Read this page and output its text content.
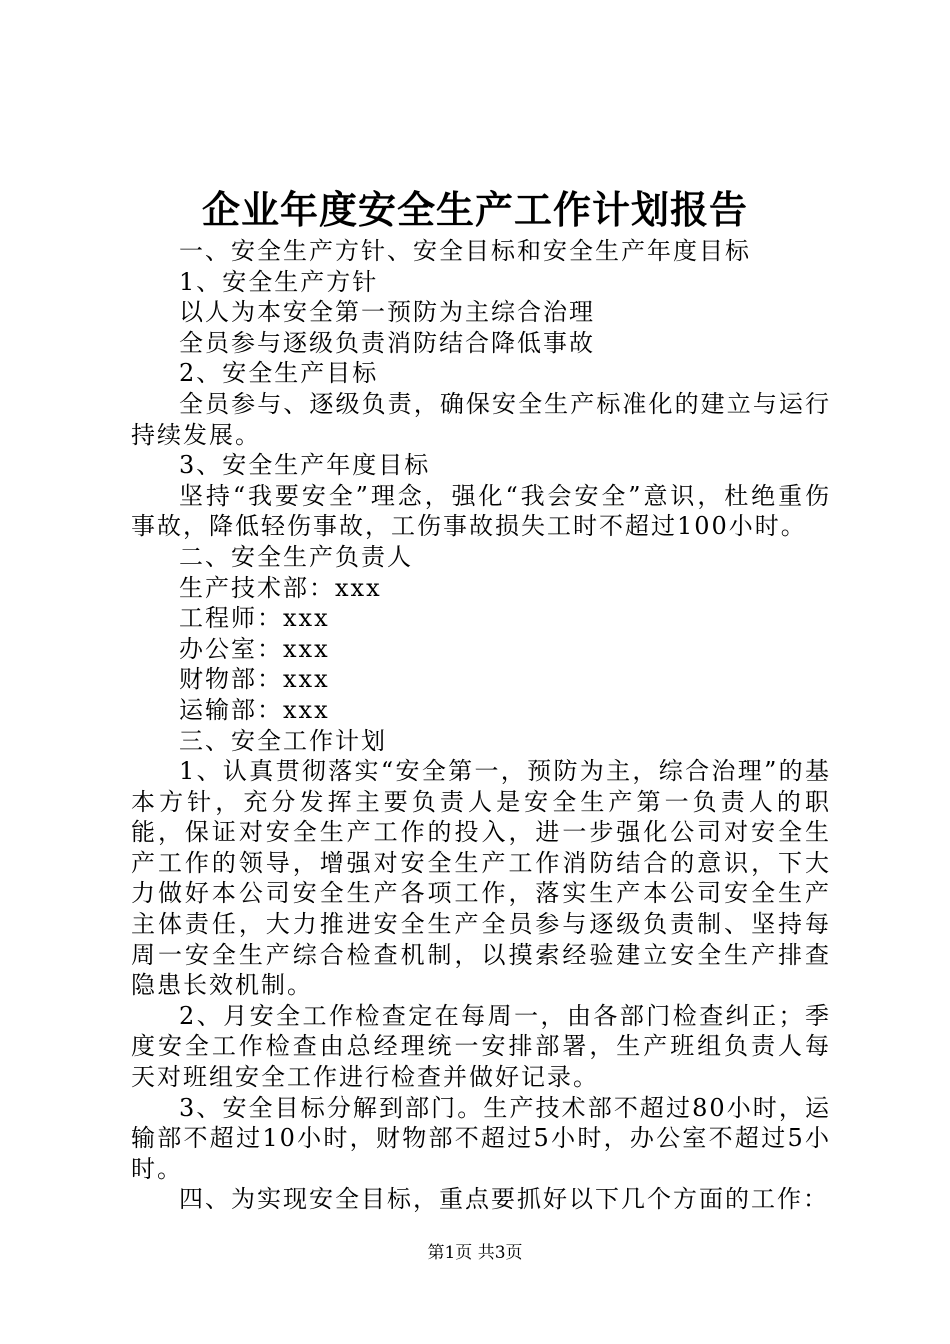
企业年度安全生产工作计划报告

一、安全生产方针、安全目标和安全生产年度目标

1、安全生产方针

以人为本安全第一预防为主综合治理

全员参与逐级负责消防结合降低事故

2、安全生产目标

全员参与、逐级负责，确保安全生产标准化的建立与运行持续发展。

3、安全生产年度目标

坚持“我要安全”理念，强化“我会安全”意识，杜绝重伤事故，降低轻伤事故，工伤事故损失工时不超过100小时。

二、安全生产负责人

生产技术部：xxx

工程师：xxx

办公室：xxx

财物部：xxx

运输部：xxx

三、安全工作计划

1、认真贯彻落实“安全第一，预防为主，综合治理”的基本方针，充分发挥主要负责人是安全生产第一负责人的职能，保证对安全生产工作的投入，进一步强化公司对安全生产工作的领导，增强对安全生产工作消防结合的意识，下大力做好本公司安全生产各项工作，落实生产本公司安全生产主体责任，大力推进安全生产全员参与逐级负责制、坚持每周一安全生产综合检查机制，以摸索经验建立安全生产排查隐患长效机制。

2、月安全工作检查定在每周一，由各部门检查纠正；季度安全工作检查由总经理统一安排部署，生产班组负责人每天对班组安全工作进行检查并做好记录。

3、安全目标分解到部门。生产技术部不超过80小时，运输部不超过10小时，财物部不超过5小时，办公室不超过5小时。

四、为实现安全目标，重点要抓好以下几个方面的工作：

第1页 共3页
